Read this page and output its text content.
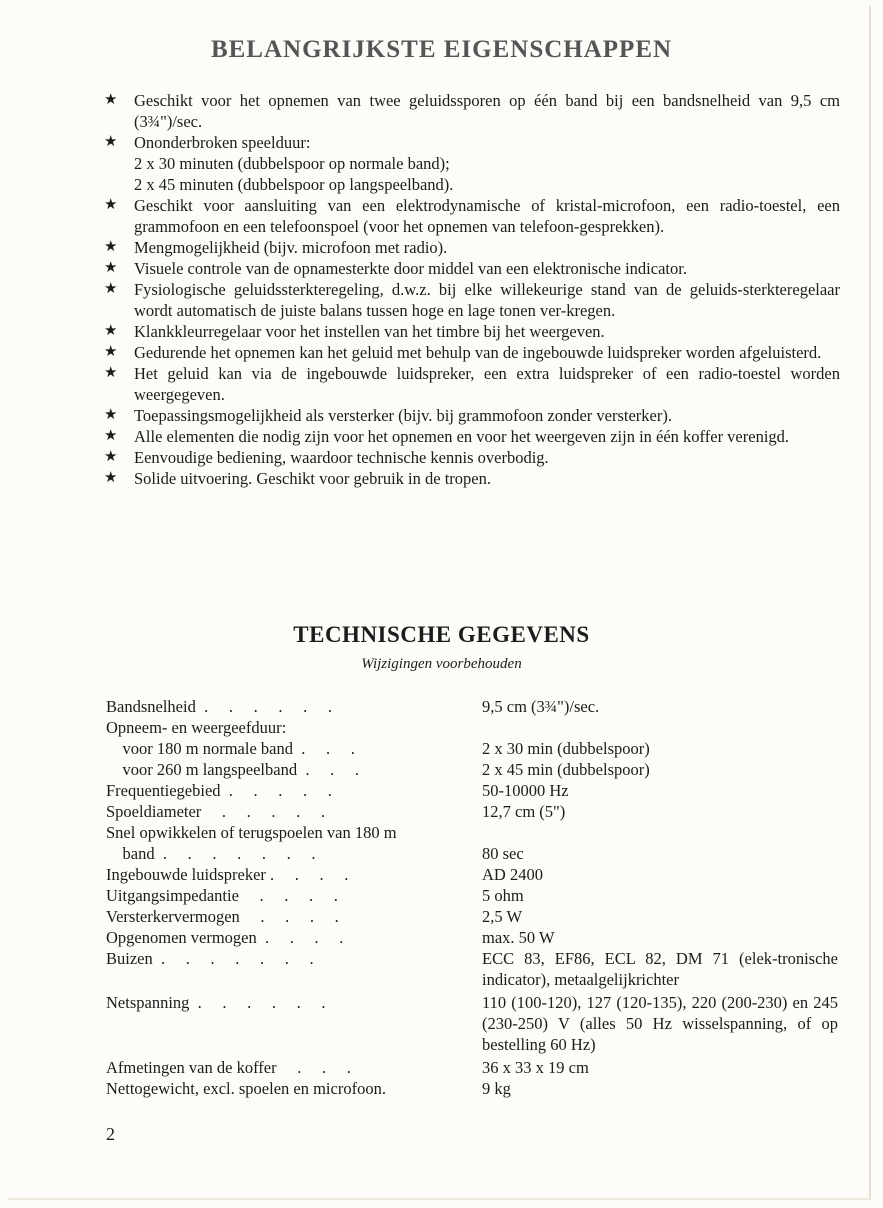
BELANGRIJKSTE EIGENSCHAPPEN
★ Geschikt voor het opnemen van twee geluidssporen op één band bij een bandsnelheid van 9,5 cm (3¾")/sec.
★ Ononderbroken speelduur:
2 x 30 minuten (dubbelspoor op normale band);
2 x 45 minuten (dubbelspoor op langspeelband).
★ Geschikt voor aansluiting van een elektrodynamische of kristal-microfoon, een radio-toestel, een grammofoon en een telefoonspoel (voor het opnemen van telefoon-gesprekken).
★ Mengmogelijkheid (bijv. microfoon met radio).
★ Visuele controle van de opnamesterkte door middel van een elektronische indicator.
★ Fysiologische geluidssterkteregeling, d.w.z. bij elke willekeurige stand van de geluids-sterkteregelaar wordt automatisch de juiste balans tussen hoge en lage tonen ver-kregen.
★ Klankkleurregelaar voor het instellen van het timbre bij het weergeven.
★ Gedurende het opnemen kan het geluid met behulp van de ingebouwde luidspreker worden afgeluisterd.
★ Het geluid kan via de ingebouwde luidspreker, een extra luidspreker of een radio-toestel worden weergegeven.
★ Toepassingsmogelijkheid als versterker (bijv. bij grammofoon zonder versterker).
★ Alle elementen die nodig zijn voor het opnemen en voor het weergeven zijn in één koffer verenigd.
★ Eenvoudige bediening, waardoor technische kennis overbodig.
★ Solide uitvoering. Geschikt voor gebruik in de tropen.
TECHNISCHE GEGEVENS
Wijzigingen voorbehouden
Bandsnelheid  .     .     .     .     .     .	9,5 cm (3¾")/sec.
Opneem- en weergeefduur:
voor 180 m normale band  .     .     .	2 x 30 min (dubbelspoor)
voor 260 m langspeelband  .     .     .	2 x 45 min (dubbelspoor)
Frequentiegebied  .     .     .     .     .	50-10000 Hz
Spoeldiameter     .     .     .     .     .	12,7 cm (5")
Snel opwikkelen of terugspoelen van 180 m
band  .     .     .     .     .     .     .	80 sec
Ingebouwde luidspreker .     .     .     .	AD 2400
Uitgangsimpedantie     .     .     .     .	5 ohm
Versterkervermogen     .     .     .     .	2,5 W
Opgenomen vermogen  .     .     .     .	max. 50 W
Buizen  .     .     .     .     .     .     .	ECC 83, EF86, ECL 82, DM 71 (elek-tronische indicator), metaalgelijkrichter
Netspanning  .     .     .     .     .     .	110 (100-120), 127 (120-135), 220 (200-230) en 245 (230-250) V (alles 50 Hz wisselspanning, of op bestelling 60 Hz)
Afmetingen van de koffer     .     .     .	36 x 33 x 19 cm
Nettogewicht, excl. spoelen en microfoon.	9 kg
2
